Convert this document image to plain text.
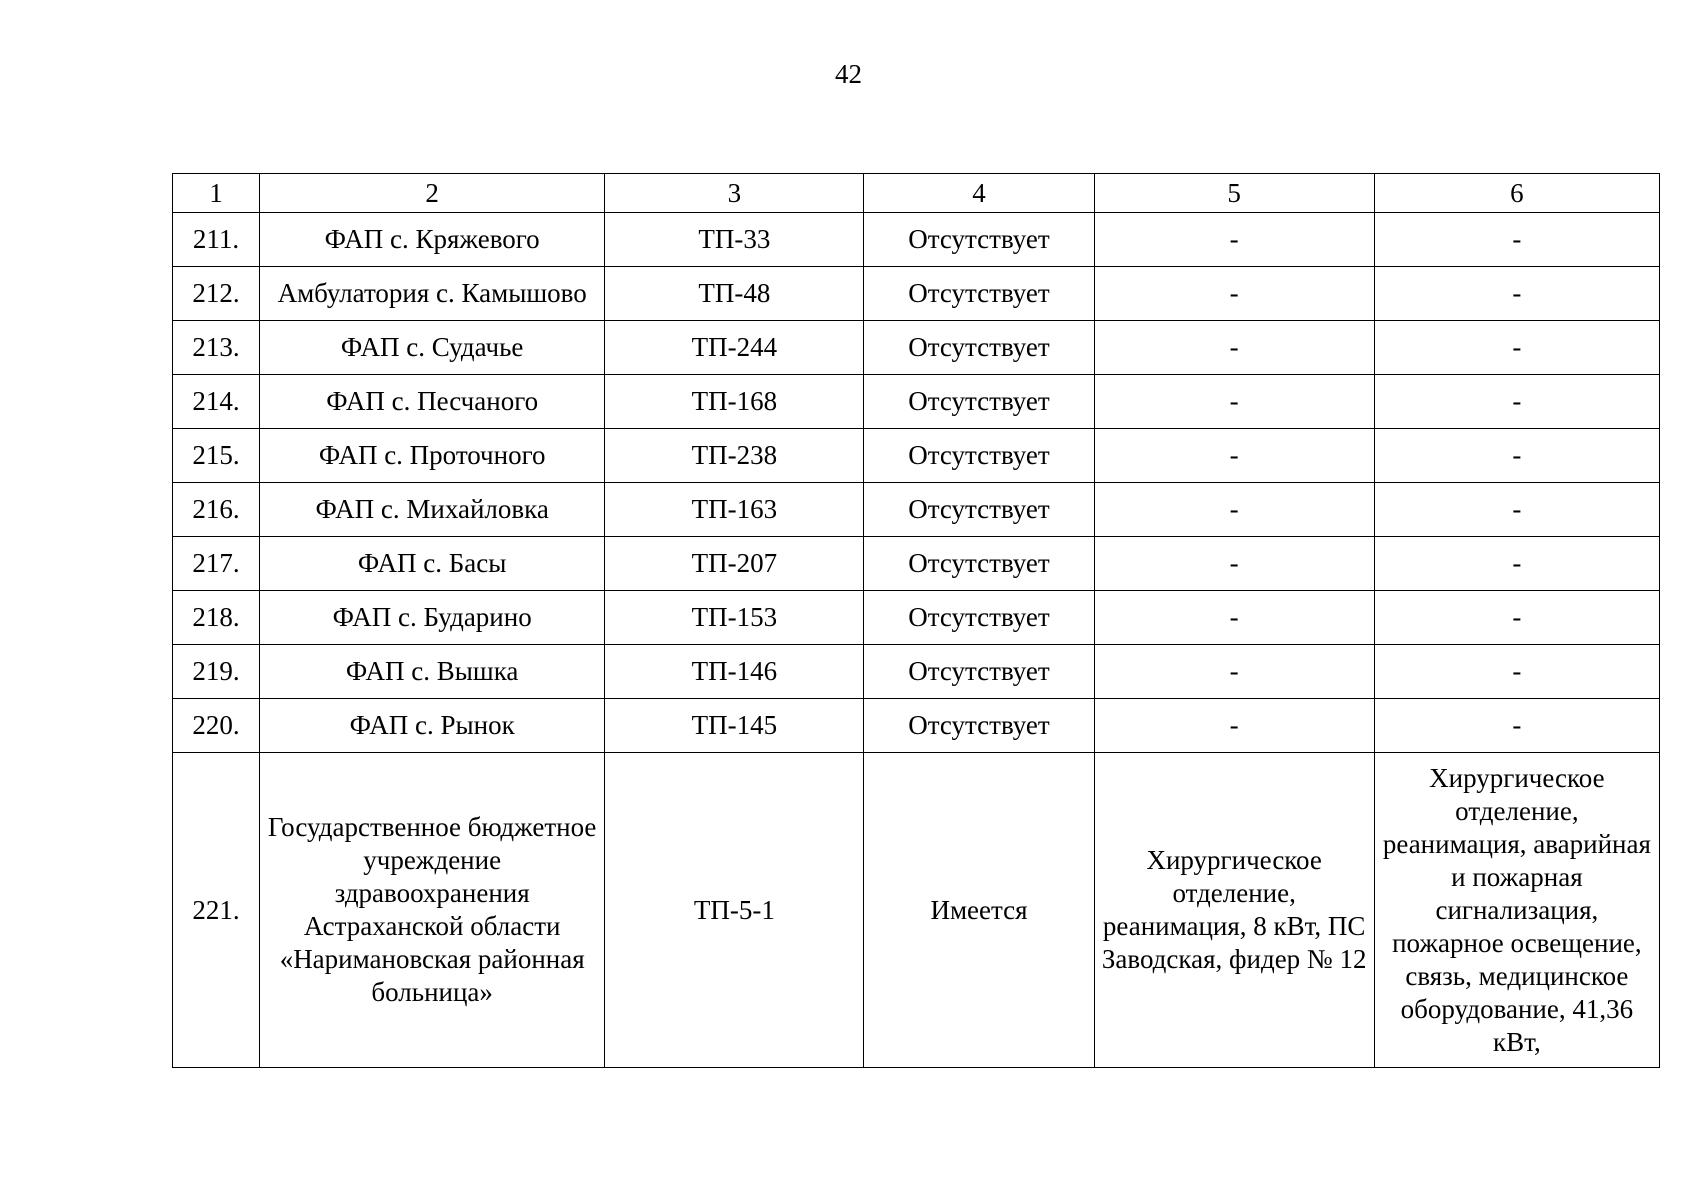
42
1	2	3	4	5	6
211.	ФАП с. Кряжевого	ТП-33	Отсутствует	-	-
212.	Амбулатория с. Камышово	ТП-48	Отсутствует	-	-
213.	ФАП с. Судачье	ТП-244	Отсутствует	-	-
214.	ФАП с. Песчаного	ТП-168	Отсутствует	-	-
215.	ФАП с. Проточного	ТП-238	Отсутствует	-	-
216.	ФАП с. Михайловка	ТП-163	Отсутствует	-	-
217.	ФАП с. Басы	ТП-207	Отсутствует	-	-
218.	ФАП с. Бударино	ТП-153	Отсутствует	-	-
219.	ФАП с. Вышка	ТП-146	Отсутствует	-	-
220.	ФАП с. Рынок	ТП-145	Отсутствует	-	-
221.	Государственное бюджетное учреждение здравоохранения Астраханской области «Наримановская районная больница»	ТП-5-1	Имеется	Хирургическое отделение, реанимация, 8 кВт, ПС Заводская, фидер № 12	Хирургическое отделение, реанимация, аварийная и пожарная сигнализация, пожарное освещение, связь, медицинское оборудование, 41,36 кВт,
